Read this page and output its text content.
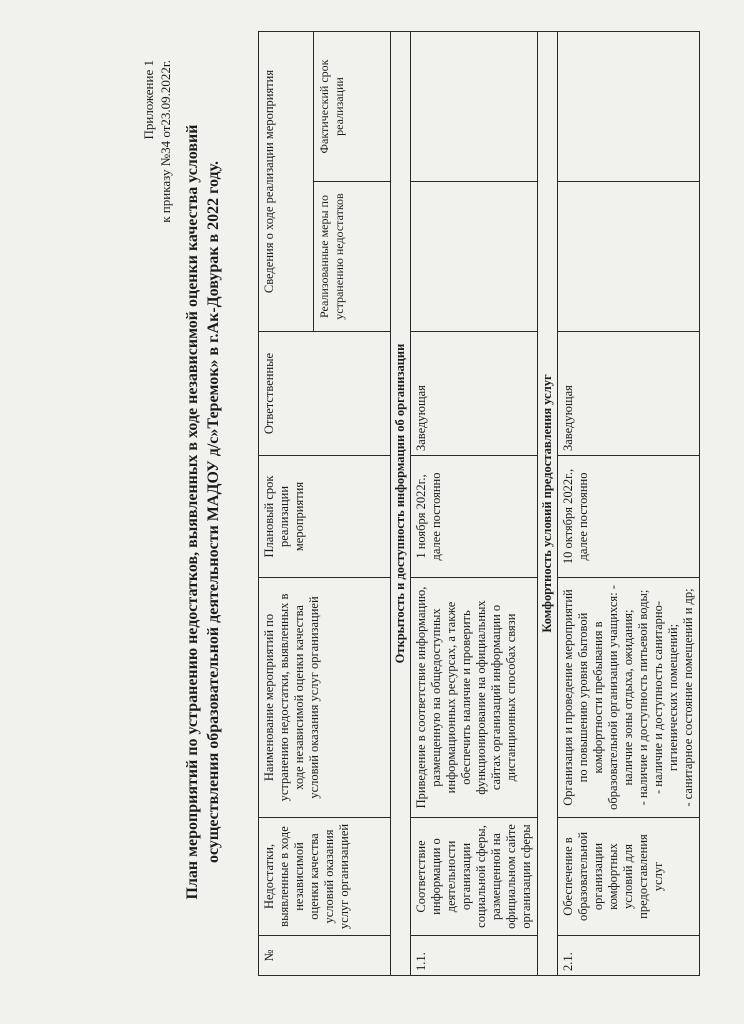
Приложение 1 к приказу №34 от23.09.2022г. План мероприятий по устранению недостатков, выявленных в ходе независимой оценки качества условий осуществления образовательной деятельности МАДОУ д/с»Теремок» в г.Ак-Довурак в 2022 году.
№	Недостатки, выявленные в ходе независимой оценки качества условий оказания услуг организацией	Наименование мероприятий по устранению недостатки, выявленных в ходе независимой оценки качества условий оказания услуг организацией	Плановый срок реализации мероприятия	Ответственные	Сведения о ходе реализации мероприятия	
					Реализованные меры по устранению недостатков	Фактический срок реализации
Открытость и доступность информации об организации						
1.1.	Соответствие информации о деятельности организации социальной сферы, размещенной на официальном сайте организации сферы	Приведение в соответствие информацию, размещенную на общедоступных информационных ресурсах, а также обеспечить наличие и проверить функционирование на официальных сайтах организаций информации о дистанционных способах связи	1 ноября 2022г., далее постоянно	Заведующая		
Комфортность условий предоставления услуг						
2.1.	Обеспечение в образовательной организации комфортных условий для предоставления услуг	Организация и проведение мероприятий по повышению уровня бытовой комфортности пребывания в образовательной организации учащихся: - наличие зоны отдыха, ожидания; - наличие и доступность питьевой воды; - наличие и доступность санитарно-гигиенических помещений; - санитарное состояние помещений и др;	10 октября 2022г., далее постоянно	Заведующая		
